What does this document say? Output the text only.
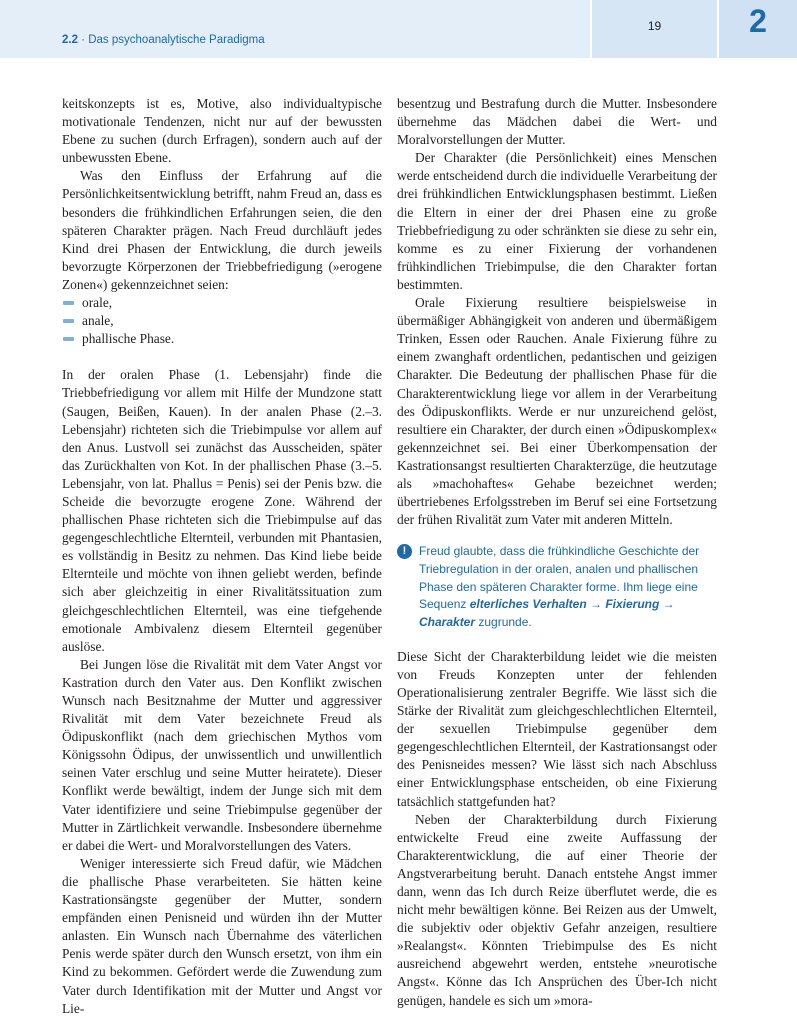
2.2 · Das psychoanalytische Paradigma
19	2

keitskonzepts ist es, Motive, also individualtypische motivationale Tendenzen, nicht nur auf der bewussten Ebene zu suchen (durch Erfragen), sondern auch auf der unbewussten Ebene.

Was den Einfluss der Erfahrung auf die Persönlichkeitsentwicklung betrifft, nahm Freud an, dass es besonders die frühkindlichen Erfahrungen seien, die den späteren Charakter prägen. Nach Freud durchläuft jedes Kind drei Phasen der Entwicklung, die durch jeweils bevorzugte Körperzonen der Triebbefriedigung (»erogene Zonen«) gekennzeichnet seien:

orale,
anale,
phallische Phase.

In der oralen Phase (1. Lebensjahr) finde die Triebbefriedigung vor allem mit Hilfe der Mundzone statt (Saugen, Beißen, Kauen). In der analen Phase (2.–3. Lebensjahr) richteten sich die Triebimpulse vor allem auf den Anus. Lustvoll sei zunächst das Ausscheiden, später das Zurückhalten von Kot. In der phallischen Phase (3.–5. Lebensjahr, von lat. Phallus = Penis) sei der Penis bzw. die Scheide die bevorzugte erogene Zone. Während der phallischen Phase richteten sich die Triebimpulse auf das gegengeschlechtliche Elternteil, verbunden mit Phantasien, es vollständig in Besitz zu nehmen. Das Kind liebe beide Elternteile und möchte von ihnen geliebt werden, befinde sich aber gleichzeitig in einer Rivalitätssituation zum gleichgeschlechtlichen Elternteil, was eine tiefgehende emotionale Ambivalenz diesem Elternteil gegenüber auslöse.

Bei Jungen löse die Rivalität mit dem Vater Angst vor Kastration durch den Vater aus. Den Konflikt zwischen Wunsch nach Besitznahme der Mutter und aggressiver Rivalität mit dem Vater bezeichnete Freud als Ödipuskonflikt (nach dem griechischen Mythos vom Königssohn Ödipus, der unwissentlich und unwillentlich seinen Vater erschlug und seine Mutter heiratete). Dieser Konflikt werde bewältigt, indem der Junge sich mit dem Vater identifiziere und seine Triebimpulse gegenüber der Mutter in Zärtlichkeit verwandle. Insbesondere übernehme er dabei die Wert- und Moralvorstellungen des Vaters.

Weniger interessierte sich Freud dafür, wie Mädchen die phallische Phase verarbeiteten. Sie hätten keine Kastrationsängste gegenüber der Mutter, sondern empfänden einen Penisneid und würden ihn der Mutter anlasten. Ein Wunsch nach Übernahme des väterlichen Penis werde später durch den Wunsch ersetzt, von ihm ein Kind zu bekommen. Gefördert werde die Zuwendung zum Vater durch Identifikation mit der Mutter und Angst vor Lie-

besentzug und Bestrafung durch die Mutter. Insbesondere übernehme das Mädchen dabei die Wert- und Moralvorstellungen der Mutter.

Der Charakter (die Persönlichkeit) eines Menschen werde entscheidend durch die individuelle Verarbeitung der drei frühkindlichen Entwicklungsphasen bestimmt. Ließen die Eltern in einer der drei Phasen eine zu große Triebbefriedigung zu oder schränkten sie diese zu sehr ein, komme es zu einer Fixierung der vorhandenen frühkindlichen Triebimpulse, die den Charakter fortan bestimmten.

Orale Fixierung resultiere beispielsweise in übermäßiger Abhängigkeit von anderen und übermäßigem Trinken, Essen oder Rauchen. Anale Fixierung führe zu einem zwanghaft ordentlichen, pedantischen und geizigen Charakter. Die Bedeutung der phallischen Phase für die Charakterentwicklung liege vor allem in der Verarbeitung des Ödipuskonflikts. Werde er nur unzureichend gelöst, resultiere ein Charakter, der durch einen »Ödipuskomplex« gekennzeichnet sei. Bei einer Überkompensation der Kastrationsangst resultierten Charakterzüge, die heutzutage als »machohaftes« Gehabe bezeichnet werden; übertriebenes Erfolgsstreben im Beruf sei eine Fortsetzung der frühen Rivalität zum Vater mit anderen Mitteln.

!	Freud glaubte, dass die frühkindliche Geschichte der Triebregulation in der oralen, analen und phallischen Phase den späteren Charakter forme. Ihm liege eine Sequenz elterliches Verhalten → Fixierung → Charakter zugrunde.

Diese Sicht der Charakterbildung leidet wie die meisten von Freuds Konzepten unter der fehlenden Operationalisierung zentraler Begriffe. Wie lässt sich die Stärke der Rivalität zum gleichgeschlechtlichen Elternteil, der sexuellen Triebimpulse gegenüber dem gegengeschlechtlichen Elternteil, der Kastrationsangst oder des Penisneides messen? Wie lässt sich nach Abschluss einer Entwicklungsphase entscheiden, ob eine Fixierung tatsächlich stattgefunden hat?

Neben der Charakterbildung durch Fixierung entwickelte Freud eine zweite Auffassung der Charakterentwicklung, die auf einer Theorie der Angstverarbeitung beruht. Danach entstehe Angst immer dann, wenn das Ich durch Reize überflutet werde, die es nicht mehr bewältigen könne. Bei Reizen aus der Umwelt, die subjektiv oder objektiv Gefahr anzeigen, resultiere »Realangst«. Könnten Triebimpulse des Es nicht ausreichend abgewehrt werden, entstehe »neurotische Angst«. Könne das Ich Ansprüchen des Über-Ich nicht genügen, handele es sich um »mora-
